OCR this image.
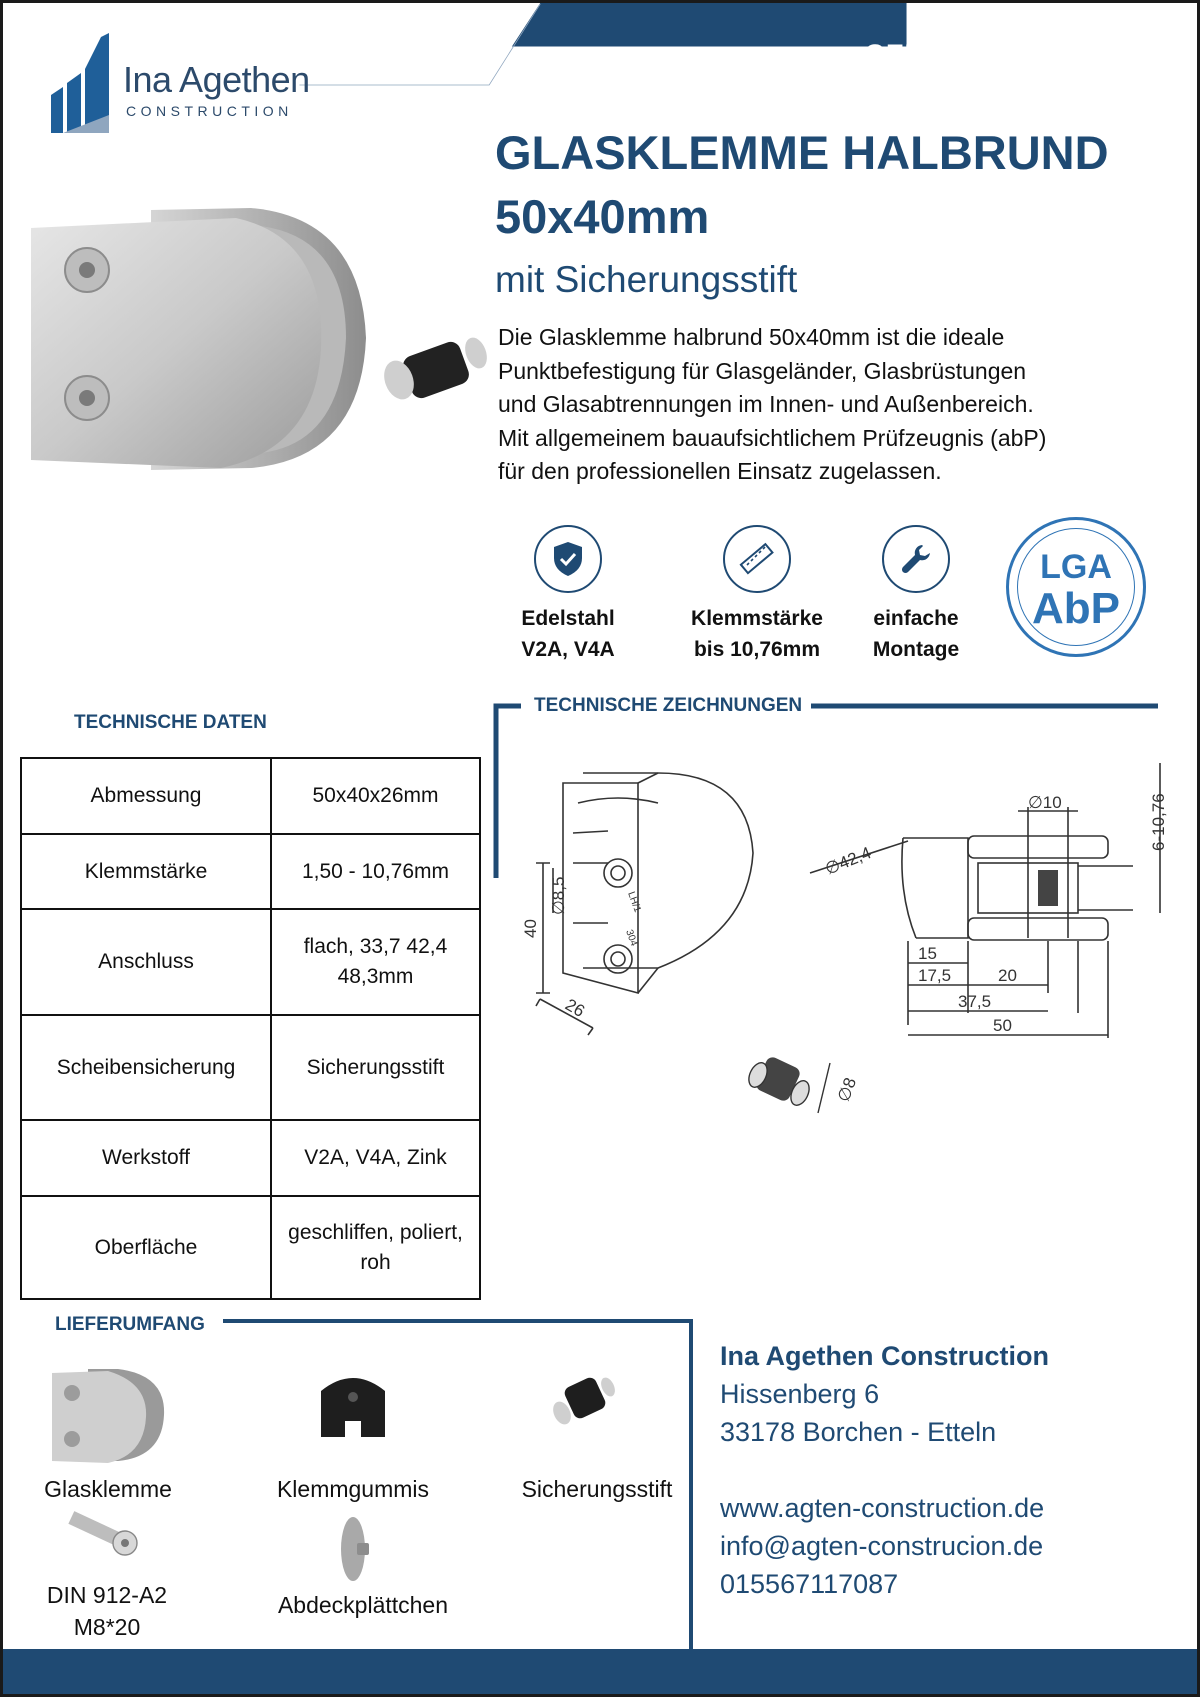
GELÄNDERZUBEHÖR
Ina Agethen
CONSTRUCTION
GLASKLEMME HALBRUND
50x40mm
mit Sicherungsstift
Die Glasklemme halbrund 50x40mm ist die ideale
Punktbefestigung für Glasgeländer, Glasbrüstungen
und Glasabtrennungen im Innen- und Außenbereich.
Mit allgemeinem bauaufsichtlichem Prüfzeugnis (abP)
für den professionellen Einsatz zugelassen.
Edelstahl
V2A, V4A
Klemmstärke
bis 10,76mm
einfache
Montage
LGA
AbP
TECHNISCHE DATEN
Abmessung	50x40x26mm
Klemmstärke	1,50 - 10,76mm
Anschluss	flach, 33,7 42,4 48,3mm
Scheibensicherung	Sicherungsstift
Werkstoff	V2A, V4A, Zink
Oberfläche	geschliffen, poliert, roh
TECHNISCHE ZEICHNUNGEN
∅8,5
40
26
LH/1
304
∅10	6-10,76
∅42,4
15
17,5	20
37,5
50
∅8
LIEFERUMFANG
Glasklemme	Klemmgummis	Sicherungsstift
DIN 912-A2
M8*20
Abdeckplättchen
Ina Agethen Construction
Hissenberg 6
33178 Borchen - Etteln
www.agten-construction.de
info@agten-construcion.de
015567117087
